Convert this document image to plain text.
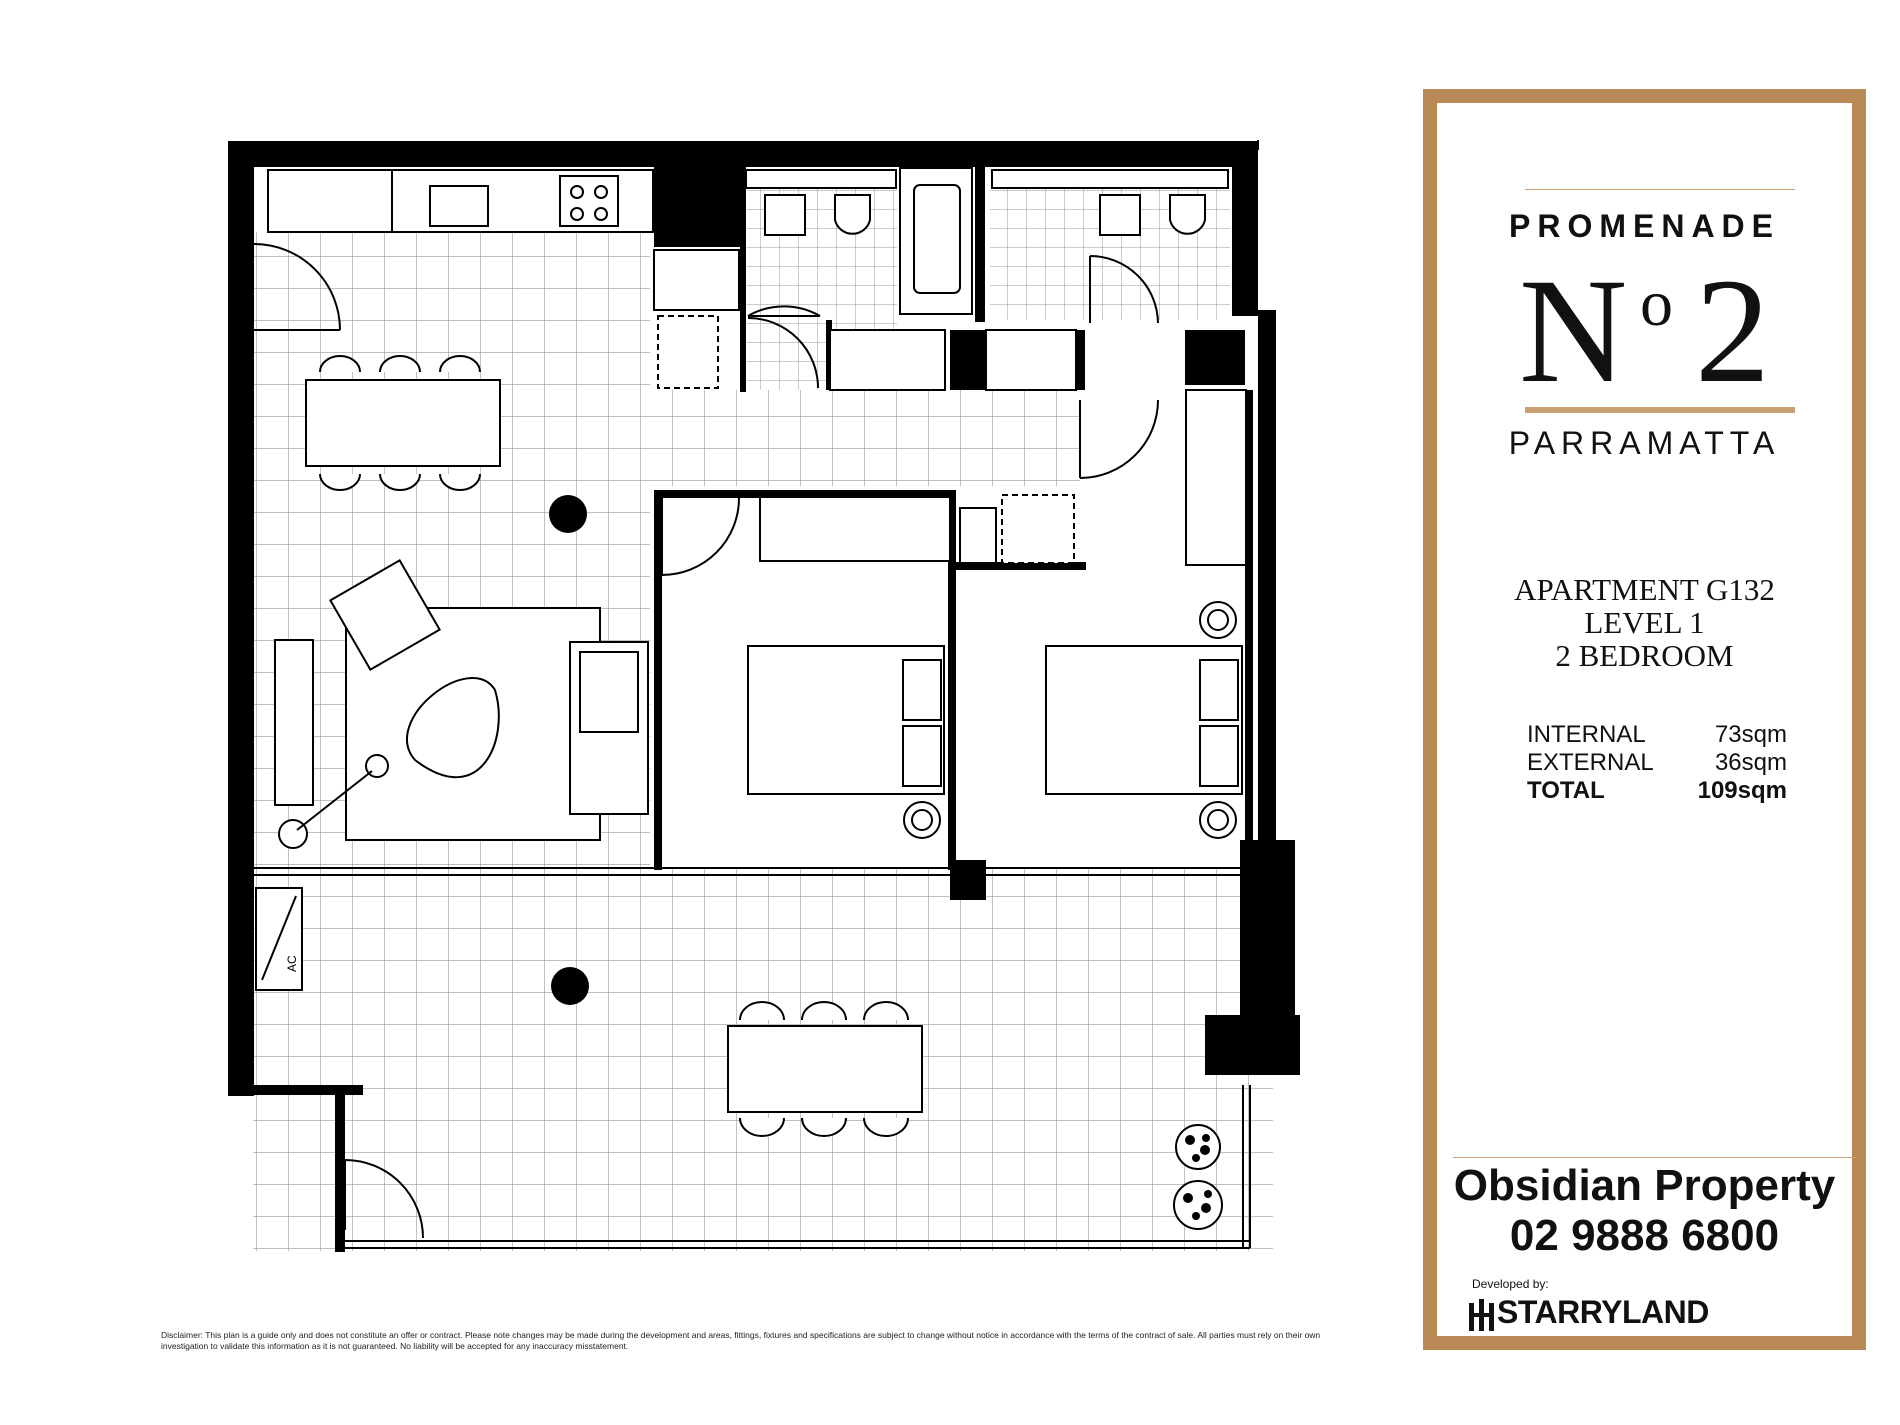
AC
PROMENADE
N o 2
PARRAMATTA
APARTMENT G132
LEVEL 1
2 BEDROOM
INTERNAL	73sqm
EXTERNAL	36sqm
TOTAL	109sqm
Obsidian Property
02 9888 6800
Developed by:
STARRYLAND
Disclaimer: This plan is a guide only and does not constitute an offer or contract. Please note changes may be made during the development and areas, fittings, fixtures and specifications are subject to change without notice in accordance with the terms of the contract of sale. All parties must rely on their own investigation to validate this information as it is not guaranteed. No liability will be accepted for any inaccuracy misstatement.
